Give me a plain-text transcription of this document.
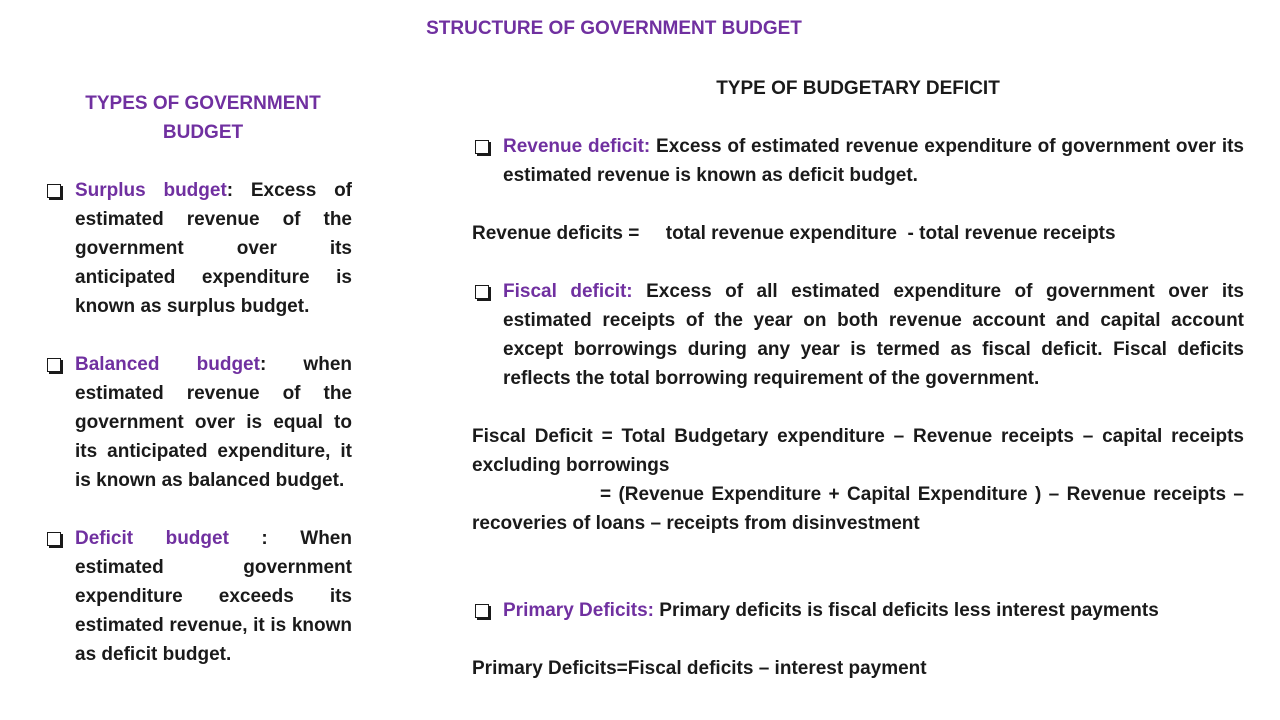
STRUCTURE OF GOVERNMENT BUDGET
TYPES OF GOVERNMENT BUDGET
Surplus budget: Excess of estimated revenue of the government over its anticipated expenditure is known as surplus budget.
Balanced budget: when estimated revenue of the government over is equal to its anticipated expenditure, it is known as balanced budget.
Deficit budget : When estimated government expenditure exceeds its estimated revenue, it is known as deficit budget.
TYPE OF BUDGETARY DEFICIT
Revenue deficit: Excess of estimated revenue expenditure of government over its estimated revenue is known as deficit budget.
Revenue deficits =     total revenue expenditure  - total revenue receipts
Fiscal deficit: Excess of all estimated expenditure of government over its estimated receipts of the year on both revenue account and capital account except borrowings during any year is termed as fiscal deficit. Fiscal deficits reflects the total borrowing requirement of the government.
Fiscal Deficit = Total Budgetary expenditure – Revenue receipts – capital receipts excluding borrowings
= (Revenue Expenditure + Capital Expenditure ) – Revenue receipts – recoveries of loans – receipts from disinvestment
Primary Deficits: Primary deficits is fiscal deficits less interest payments
Primary Deficits=Fiscal deficits – interest payment
